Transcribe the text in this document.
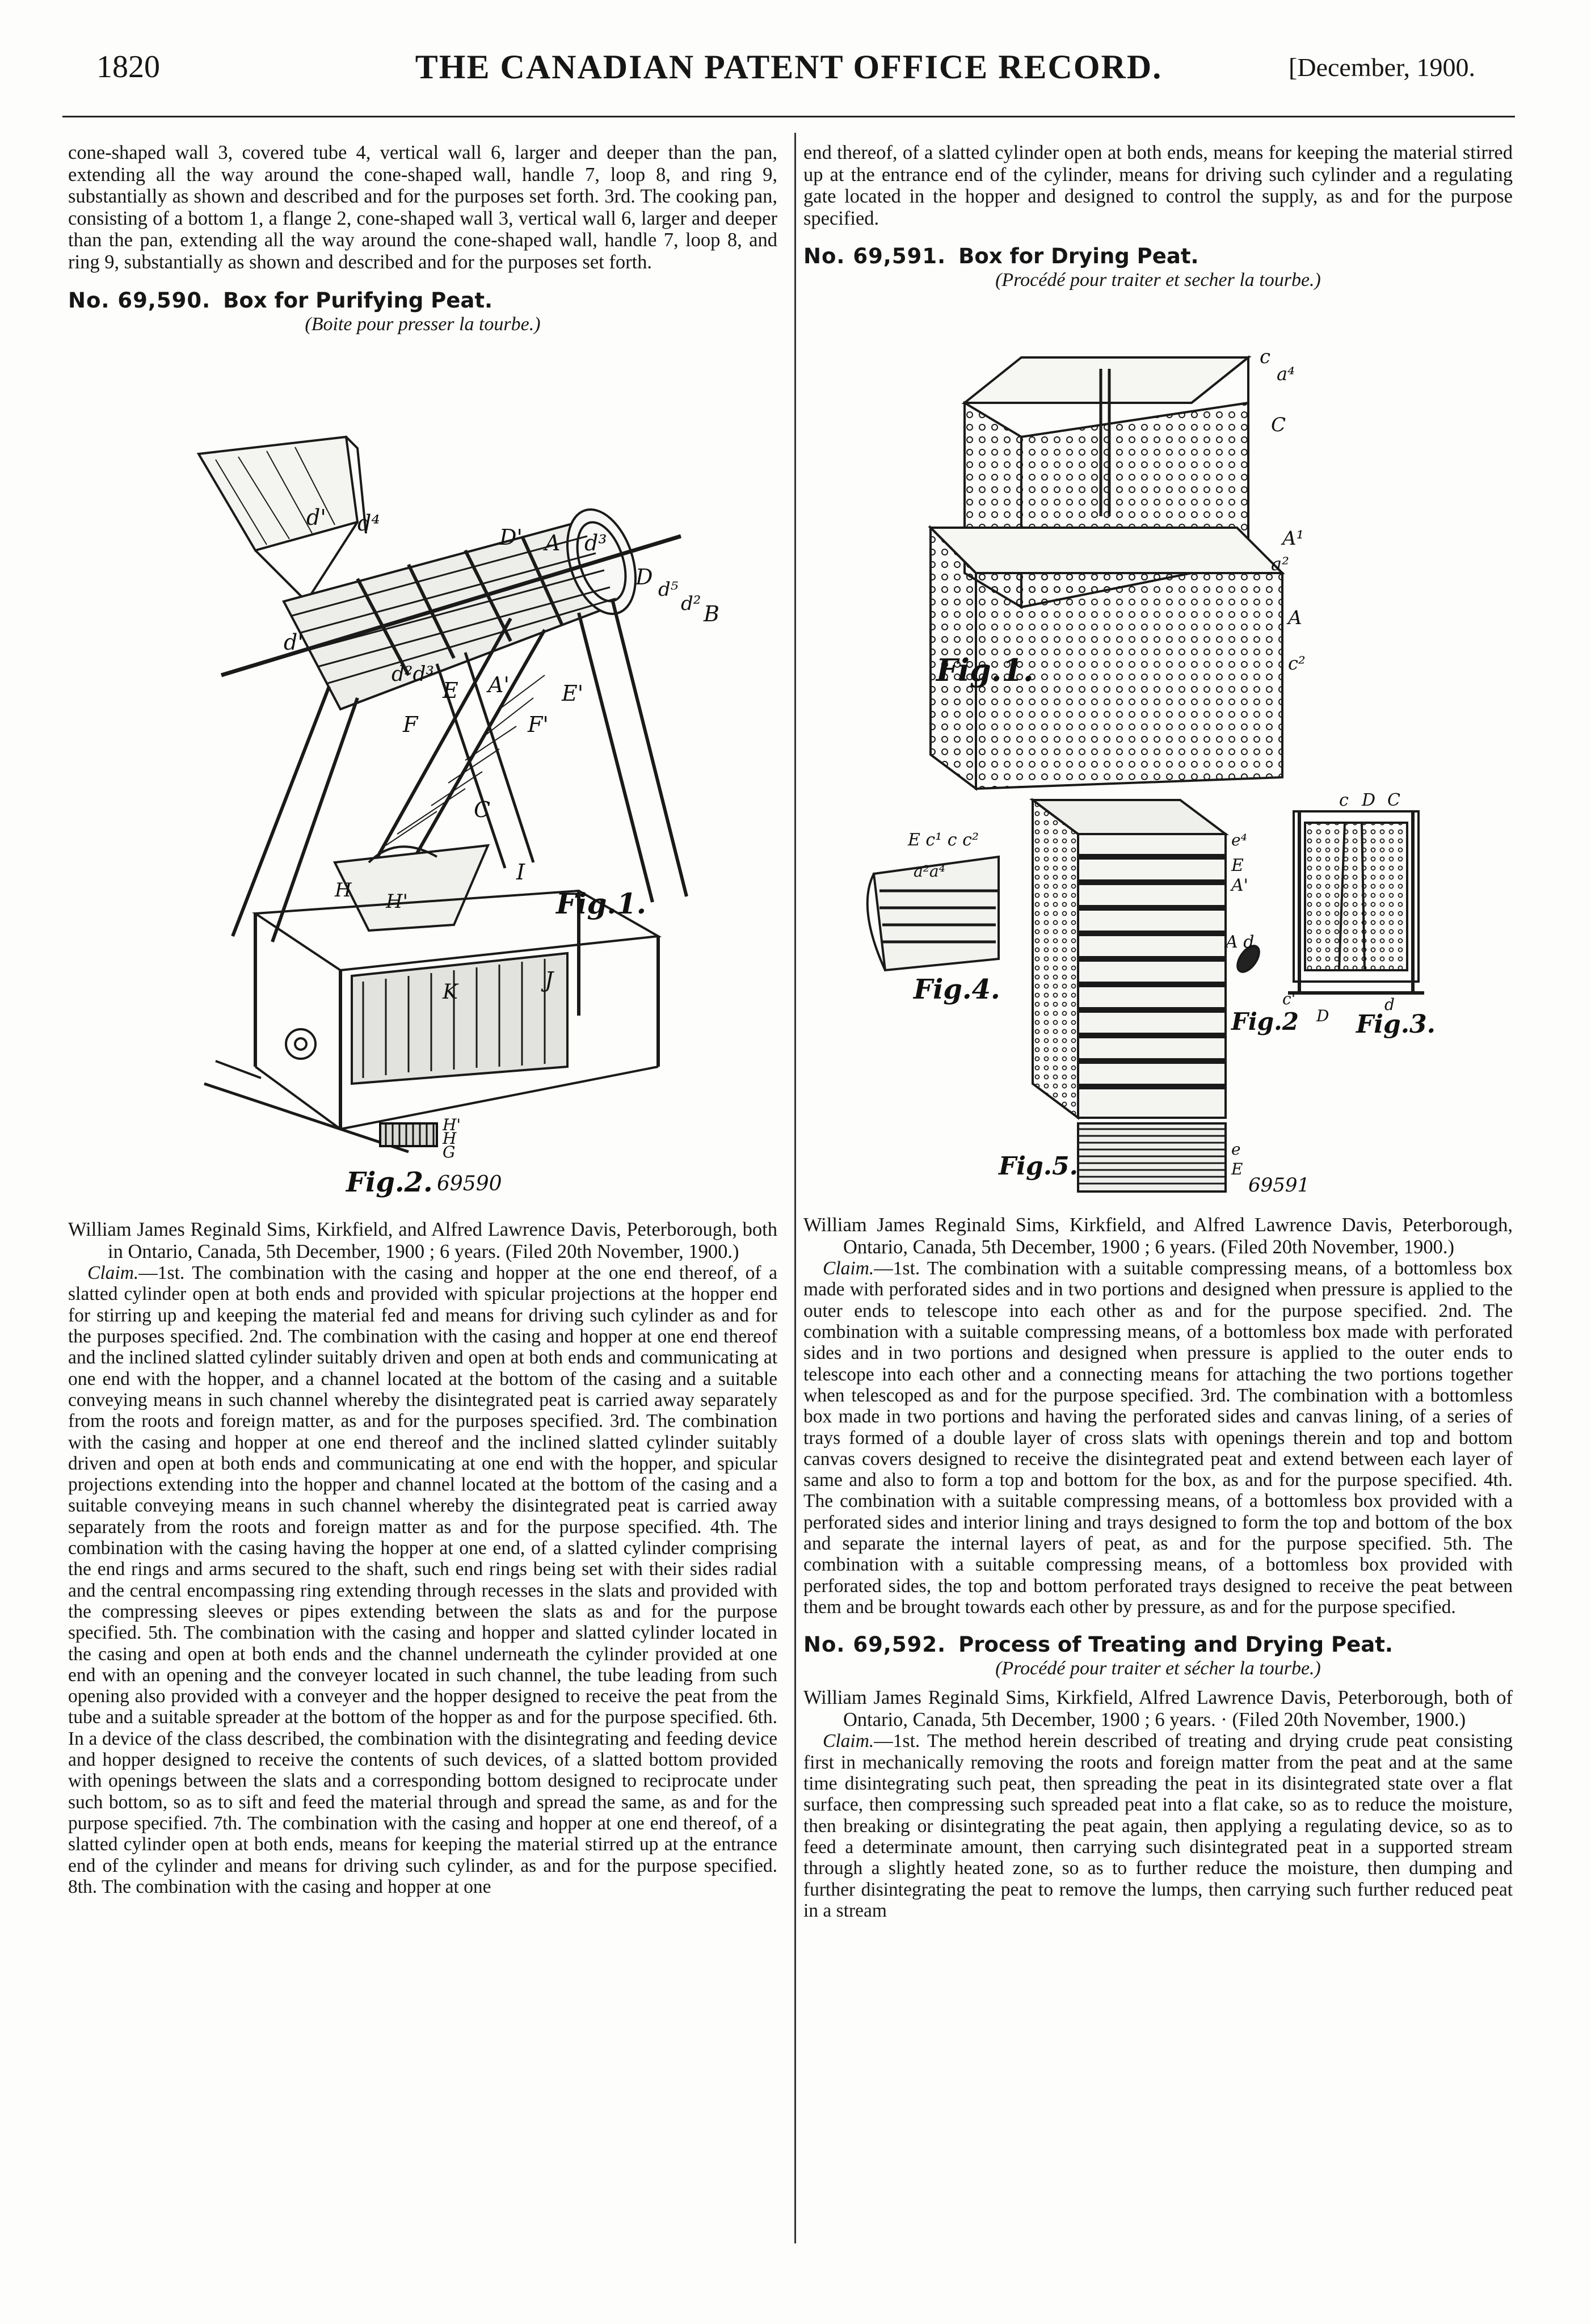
1820	THE CANADIAN PATENT OFFICE RECORD.	[December, 1900.

cone-shaped wall 3, covered tube 4, vertical wall 6, larger and deeper than the pan, extending all the way around the cone-shaped wall, handle 7, loop 8, and ring 9, substantially as shown and described and for the purposes set forth. 3rd. The cooking pan, consisting of a bottom 1, a flange 2, cone-shaped wall 3, vertical wall 6, larger and deeper than the pan, extending all the way around the cone-shaped wall, handle 7, loop 8, and ring 9, substantially as shown and described and for the purposes set forth.

No. 69,590. Box for Purifying Peat.

(Boite pour presser la tourbe.)

d' d⁴
D' A d³
D d⁵
d² B
d'
d²d³
E A' E'
F	F'
C
I
H H'
K	J
Fig.1.
H'
H
G
Fig.2. 69590

William James Reginald Sims, Kirkfield, and Alfred Lawrence Davis, Peterborough, both in Ontario, Canada, 5th December, 1900 ; 6 years. (Filed 20th November, 1900.)

Claim.—1st. The combination with the casing and hopper at the one end thereof, of a slatted cylinder open at both ends and provided with spicular projections at the hopper end for stirring up and keeping the material fed and means for driving such cylinder as and for the purposes specified. 2nd. The combination with the casing and hopper at one end thereof and the inclined slatted cylinder suitably driven and open at both ends and communicating at one end with the hopper, and a channel located at the bottom of the casing and a suitable conveying means in such channel whereby the disintegrated peat is carried away separately from the roots and foreign matter, as and for the purposes specified. 3rd. The combination with the casing and hopper at one end thereof and the inclined slatted cylinder suitably driven and open at both ends and communicating at one end with the hopper, and spicular projections extending into the hopper and channel located at the bottom of the casing and a suitable conveying means in such channel whereby the disintegrated peat is carried away separately from the roots and foreign matter as and for the purpose specified. 4th. The combination with the casing having the hopper at one end, of a slatted cylinder comprising the end rings and arms secured to the shaft, such end rings being set with their sides radial and the central encompassing ring extending through recesses in the slats and provided with the compressing sleeves or pipes extending between the slats as and for the purpose specified. 5th. The combination with the casing and hopper and slatted cylinder located in the casing and open at both ends and the channel underneath the cylinder provided at one end with an opening and the conveyer located in such channel, the tube leading from such opening also provided with a conveyer and the hopper designed to receive the peat from the tube and a suitable spreader at the bottom of the hopper as and for the purpose specified. 6th. In a device of the class described, the combination with the disintegrating and feeding device and hopper designed to receive the contents of such devices, of a slatted bottom provided with openings between the slats and a corresponding bottom designed to reciprocate under such bottom, so as to sift and feed the material through and spread the same, as and for the purpose specified. 7th. The combination with the casing and hopper at one end thereof, of a slatted cylinder open at both ends, means for keeping the material stirred up at the entrance end of the cylinder and means for driving such cylinder, as and for the purpose specified. 8th. The combination with the casing and hopper at one

end thereof, of a slatted cylinder open at both ends, means for keeping the material stirred up at the entrance end of the cylinder, means for driving such cylinder and a regulating gate located in the hopper and designed to control the supply, as and for the purpose specified.

No. 69,591. Box for Drying Peat.

(Procédé pour traiter et secher la tourbe.)

c
a⁴
C
A¹
a²
A
c²
Fig.1.
c D C
E c¹ c c²
a²a⁴
e⁴
E
A'
A d
c'
D
d
Fig.3.
Fig.2
Fig.4.
e
E
Fig.5.
69591

William James Reginald Sims, Kirkfield, and Alfred Lawrence Davis, Peterborough, Ontario, Canada, 5th December, 1900 ; 6 years. (Filed 20th November, 1900.)

Claim.—1st. The combination with a suitable compressing means, of a bottomless box made with perforated sides and in two portions and designed when pressure is applied to the outer ends to telescope into each other as and for the purpose specified. 2nd. The combination with a suitable compressing means, of a bottomless box made with perforated sides and in two portions and designed when pressure is applied to the outer ends to telescope into each other and a connecting means for attaching the two portions together when telescoped as and for the purpose specified. 3rd. The combination with a bottomless box made in two portions and having the perforated sides and canvas lining, of a series of trays formed of a double layer of cross slats with openings therein and top and bottom canvas covers designed to receive the disintegrated peat and extend between each layer of same and also to form a top and bottom for the box, as and for the purpose specified. 4th. The combination with a suitable compressing means, of a bottomless box provided with a perforated sides and interior lining and trays designed to form the top and bottom of the box and separate the internal layers of peat, as and for the purpose specified. 5th. The combination with a suitable compressing means, of a bottomless box provided with perforated sides, the top and bottom perforated trays designed to receive the peat between them and be brought towards each other by pressure, as and for the purpose specified.

No. 69,592. Process of Treating and Drying Peat.

(Procédé pour traiter et sécher la tourbe.)

William James Reginald Sims, Kirkfield, Alfred Lawrence Davis, Peterborough, both of Ontario, Canada, 5th December, 1900 ; 6 years. · (Filed 20th November, 1900.)

Claim.—1st. The method herein described of treating and drying crude peat consisting first in mechanically removing the roots and foreign matter from the peat and at the same time disintegrating such peat, then spreading the peat in its disintegrated state over a flat surface, then compressing such spreaded peat into a flat cake, so as to reduce the moisture, then breaking or disintegrating the peat again, then applying a regulating device, so as to feed a determinate amount, then carrying such disintegrated peat in a supported stream through a slightly heated zone, so as to further reduce the moisture, then dumping and further disintegrating the peat to remove the lumps, then carrying such further reduced peat in a stream
